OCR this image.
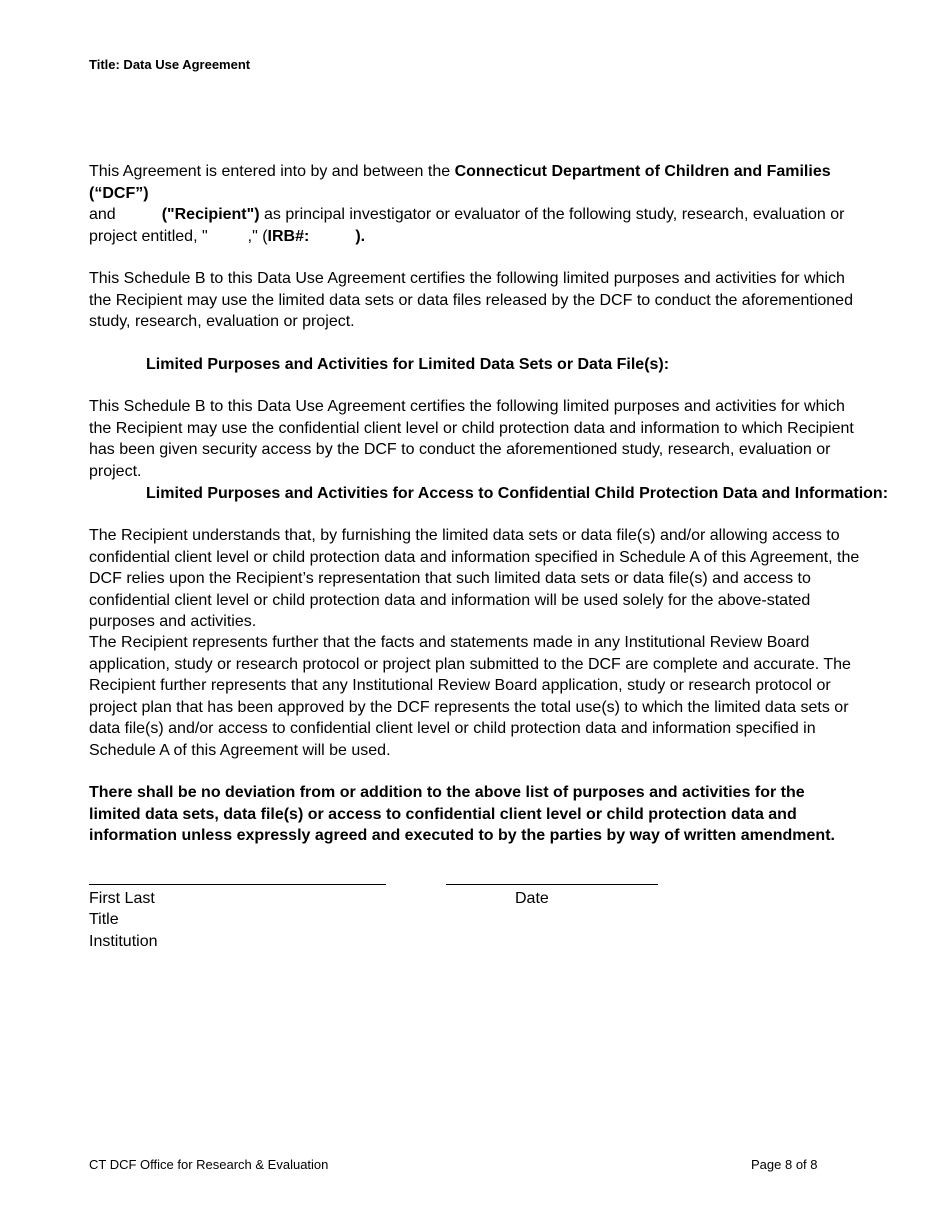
Title: Data Use Agreement
This Agreement is entered into by and between the Connecticut Department of Children and Families (“DCF”)
and	("Recipient") as principal investigator or evaluator of the following study, research, evaluation or project entitled, "	," (IRB#:	).
This Schedule B to this Data Use Agreement certifies the following limited purposes and activities for which the Recipient may use the limited data sets or data files released by the DCF to conduct the aforementioned study, research, evaluation or project.
Limited Purposes and Activities for Limited Data Sets or Data File(s):
This Schedule B to this Data Use Agreement certifies the following limited purposes and activities for which the Recipient may use the confidential client level or child protection data and information to which Recipient has been given security access by the DCF to conduct the aforementioned study, research, evaluation or project.
Limited Purposes and Activities for Access to Confidential Child Protection Data and Information:
The Recipient understands that, by furnishing the limited data sets or data file(s) and/or allowing access to confidential client level or child protection data and information specified in Schedule A of this Agreement, the DCF relies upon the Recipient’s representation that such limited data sets or data file(s) and access to confidential client level or child protection data and information will be used solely for the above-stated purposes and activities.
The Recipient represents further that the facts and statements made in any Institutional Review Board application, study or research protocol or project plan submitted to the DCF are complete and accurate. The Recipient further represents that any Institutional Review Board application, study or research protocol or project plan that has been approved by the DCF represents the total use(s) to which the limited data sets or data file(s) and/or access to confidential client level or child protection data and information specified in Schedule A of this Agreement will be used.
There shall be no deviation from or addition to the above list of purposes and activities for the limited data sets, data file(s) or access to confidential client level or child protection data and information unless expressly agreed and executed to by the parties by way of written amendment.
First Last
Title
Institution
Date
CT DCF Office for Research & Evaluation	Page 8 of 8
